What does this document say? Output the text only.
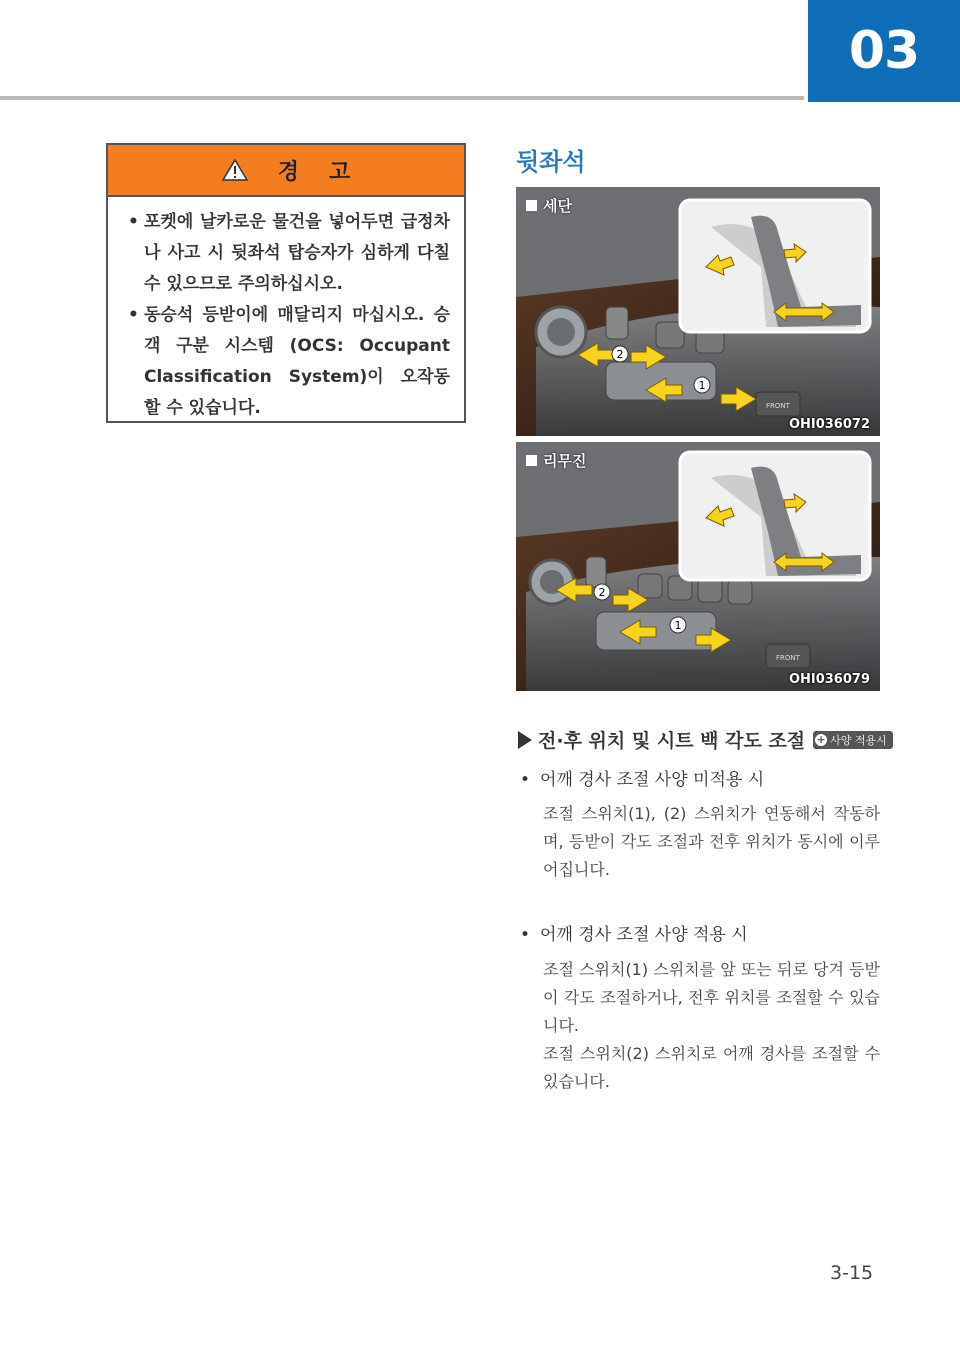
03
경 고
• 포켓에 날카로운 물건을 넣어두면 급정차나 사고 시 뒷좌석 탑승자가 심하게 다칠 수 있으므로 주의하십시오.
• 동승석 등받이에 매달리지 마십시오. 승객 구분 시스템 (OCS: Occupant Classification System)이 오작동 할 수 있습니다.
뒷좌석
FRONT
2
1
세단
OHI036072
FRONT
2
1
리무진
OHI036079
전·후 위치 및 시트 백 각도 조절 + 사양 적용시
• 어깨 경사 조절 사양 미적용 시

조절 스위치(1), (2) 스위치가 연동해서 작동하며, 등받이 각도 조절과 전후 위치가 동시에 이루어집니다.

• 어깨 경사 조절 사양 적용 시

조절 스위치(1) 스위치를 앞 또는 뒤로 당겨 등받이 각도 조절하거나, 전후 위치를 조절할 수 있습니다.

조절 스위치(2) 스위치로 어깨 경사를 조절할 수 있습니다.

3-15
